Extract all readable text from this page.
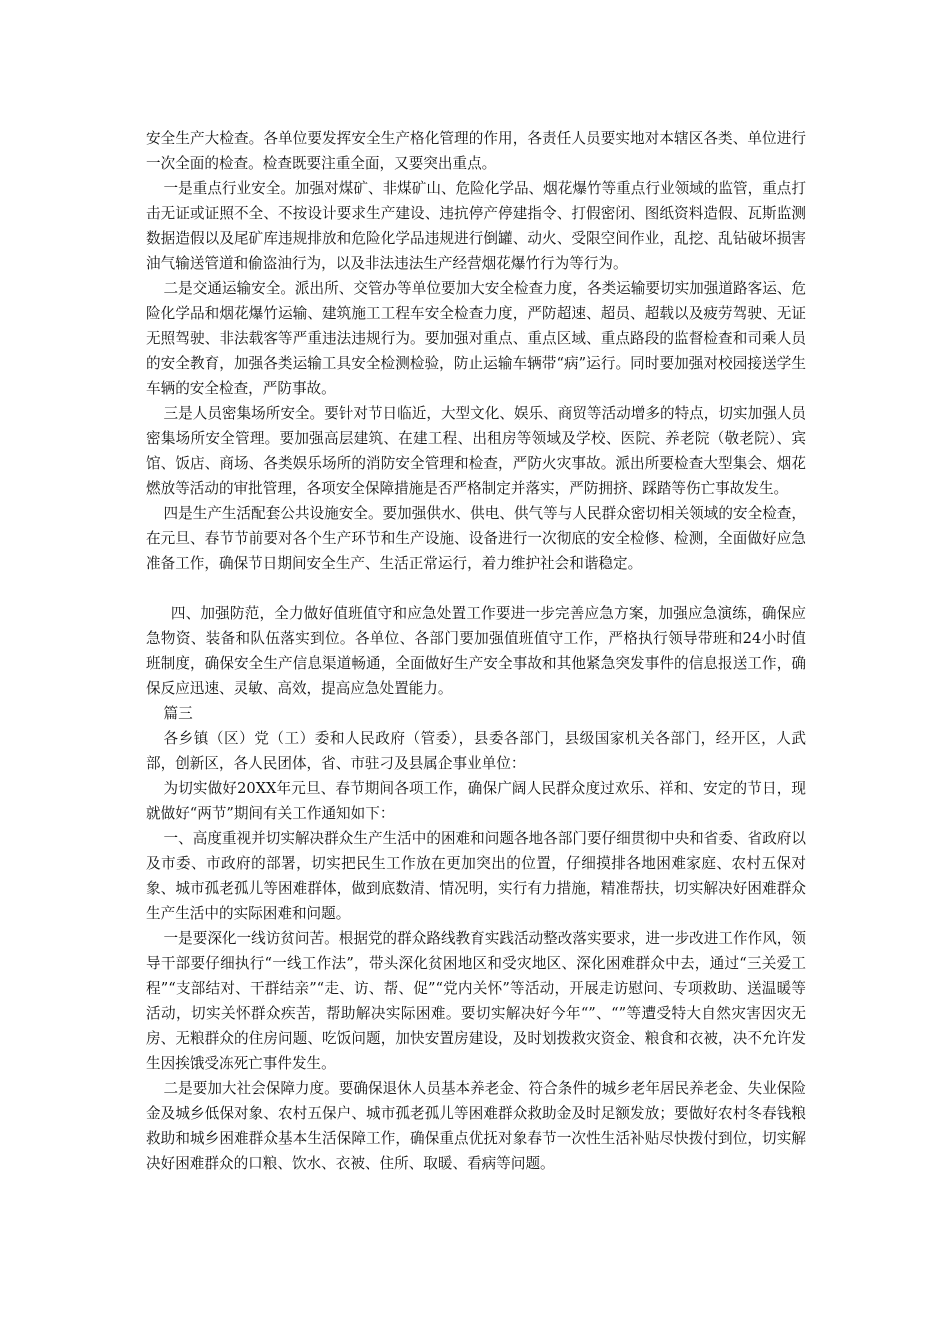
安全生产大检查。各单位要发挥安全生产格化管理的作用，各责任人员要实地对本辖区各类、单位进行一次全面的检查。检查既要注重全面，又要突出重点。

一是重点行业安全。加强对煤矿、非煤矿山、危险化学品、烟花爆竹等重点行业领域的监管，重点打击无证或证照不全、不按设计要求生产建设、违抗停产停建指令、打假密闭、图纸资料造假、瓦斯监测数据造假以及尾矿库违规排放和危险化学品违规进行倒罐、动火、受限空间作业，乱挖、乱钻破坏损害油气输送管道和偷盗油行为，以及非法违法生产经营烟花爆竹行为等行为。

二是交通运输安全。派出所、交管办等单位要加大安全检查力度，各类运输要切实加强道路客运、危险化学品和烟花爆竹运输、建筑施工工程车安全检查力度，严防超速、超员、超载以及疲劳驾驶、无证无照驾驶、非法载客等严重违法违规行为。要加强对重点、重点区域、重点路段的监督检查和司乘人员的安全教育，加强各类运输工具安全检测检验，防止运输车辆带“病”运行。同时要加强对校园接送学生车辆的安全检查，严防事故。

三是人员密集场所安全。要针对节日临近，大型文化、娱乐、商贸等活动增多的特点，切实加强人员密集场所安全管理。要加强高层建筑、在建工程、出租房等领域及学校、医院、养老院（敬老院）、宾馆、饭店、商场、各类娱乐场所的消防安全管理和检查，严防火灾事故。派出所要检查大型集会、烟花燃放等活动的审批管理，各项安全保障措施是否严格制定并落实，严防拥挤、踩踏等伤亡事故发生。

四是生产生活配套公共设施安全。要加强供水、供电、供气等与人民群众密切相关领域的安全检查，在元旦、春节节前要对各个生产环节和生产设施、设备进行一次彻底的安全检修、检测，全面做好应急准备工作，确保节日期间安全生产、生活正常运行，着力维护社会和谐稳定。

四、加强防范，全力做好值班值守和应急处置工作要进一步完善应急方案，加强应急演练，确保应急物资、装备和队伍落实到位。各单位、各部门要加强值班值守工作，严格执行领导带班和24小时值班制度，确保安全生产信息渠道畅通，全面做好生产安全事故和其他紧急突发事件的信息报送工作，确保反应迅速、灵敏、高效，提高应急处置能力。

篇三

各乡镇（区）党（工）委和人民政府（管委），县委各部门，县级国家机关各部门，经开区，人武部，创新区，各人民团体，省、市驻刁及县属企事业单位：

为切实做好20XX年元旦、春节期间各项工作，确保广阔人民群众度过欢乐、祥和、安定的节日，现就做好“两节”期间有关工作通知如下：

一、高度重视并切实解决群众生产生活中的困难和问题各地各部门要仔细贯彻中央和省委、省政府以及市委、市政府的部署，切实把民生工作放在更加突出的位置，仔细摸排各地困难家庭、农村五保对象、城市孤老孤儿等困难群体，做到底数清、情况明，实行有力措施，精准帮扶，切实解决好困难群众生产生活中的实际困难和问题。

一是要深化一线访贫问苦。根据党的群众路线教育实践活动整改落实要求，进一步改进工作作风，领导干部要仔细执行“一线工作法”，带头深化贫困地区和受灾地区、深化困难群众中去，通过“三关爱工程”“支部结对、干群结亲”“走、访、帮、促”“党内关怀”等活动，开展走访慰问、专项救助、送温暖等活动，切实关怀群众疾苦，帮助解决实际困难。要切实解决好今年“”、“”等遭受特大自然灾害因灾无房、无粮群众的住房问题、吃饭问题，加快安置房建设，及时划拨救灾资金、粮食和衣被，决不允许发生因挨饿受冻死亡事件发生。

二是要加大社会保障力度。要确保退休人员基本养老金、符合条件的城乡老年居民养老金、失业保险金及城乡低保对象、农村五保户、城市孤老孤儿等困难群众救助金及时足额发放；要做好农村冬春钱粮救助和城乡困难群众基本生活保障工作，确保重点优抚对象春节一次性生活补贴尽快拨付到位，切实解决好困难群众的口粮、饮水、衣被、住所、取暖、看病等问题。
